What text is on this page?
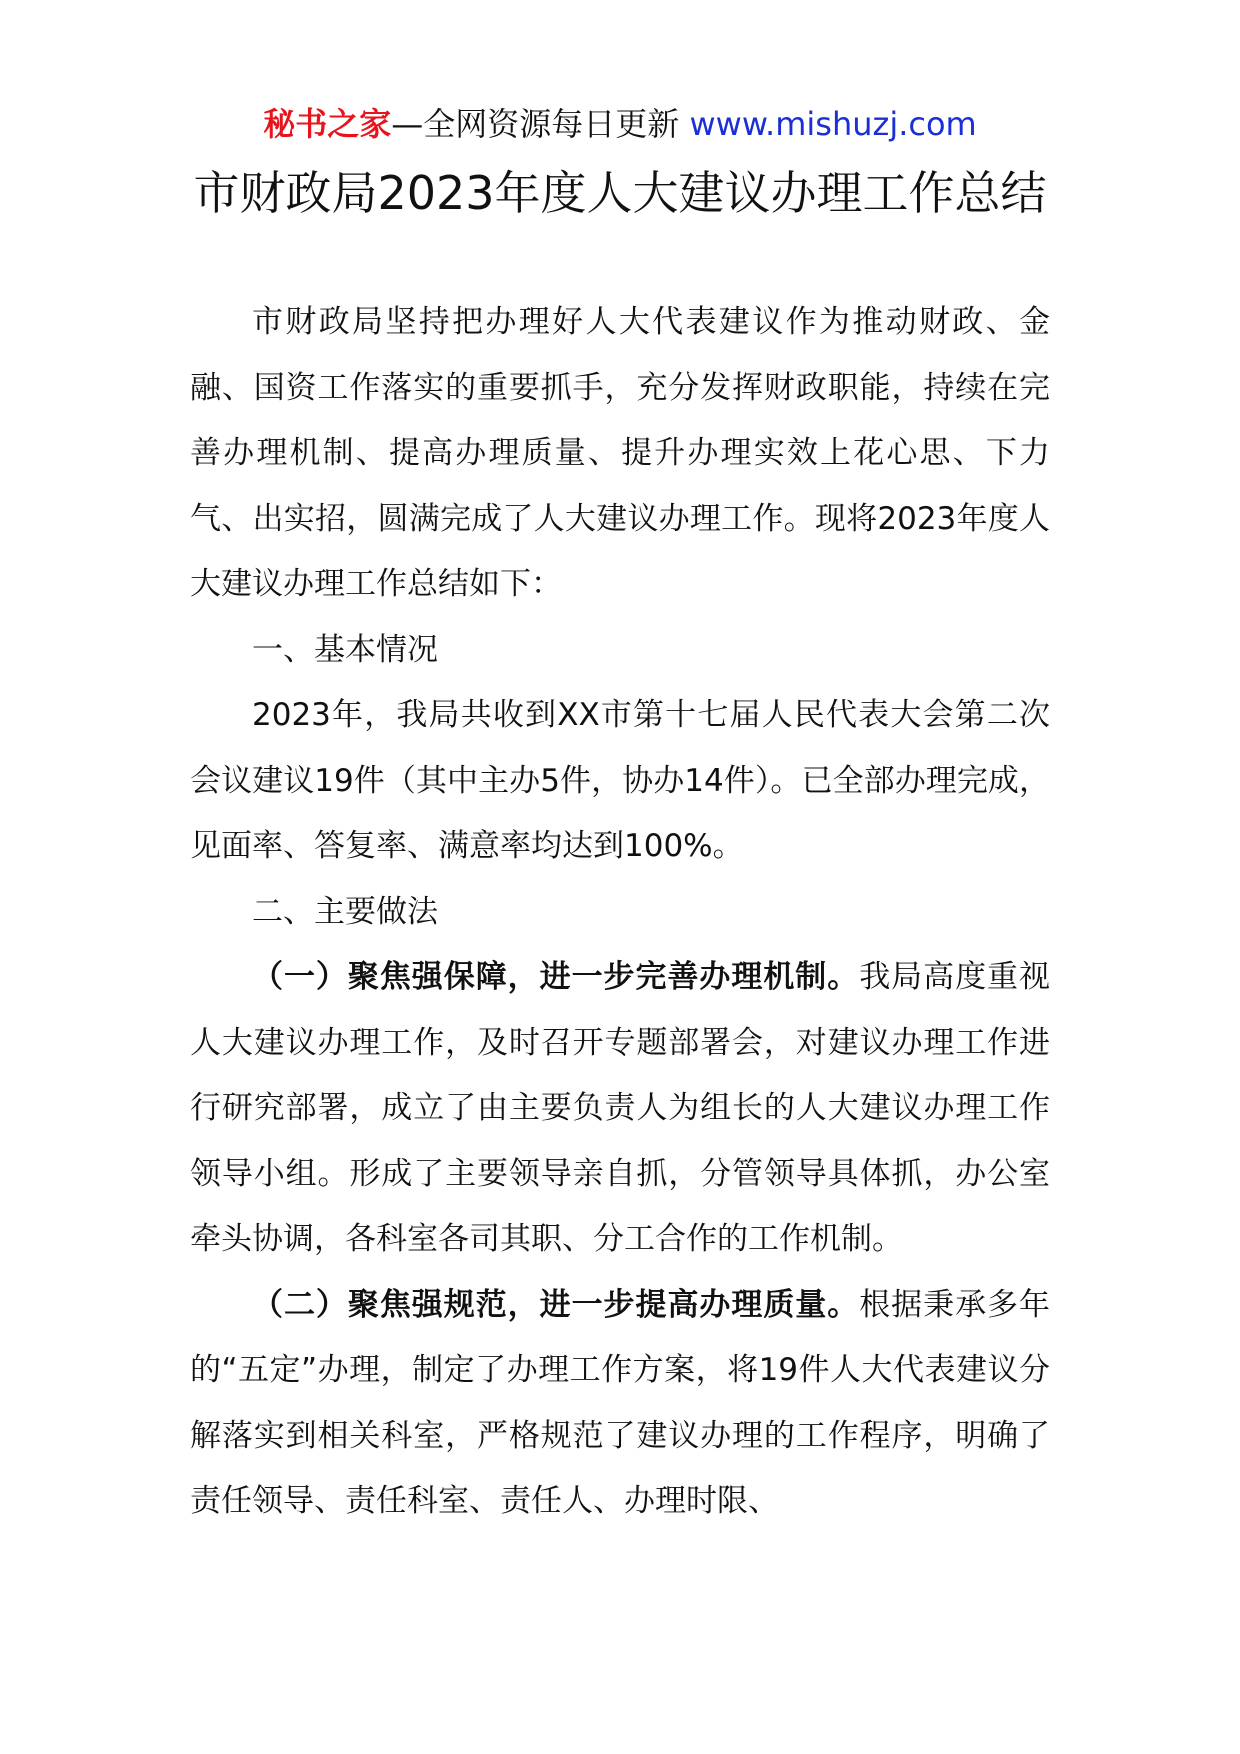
秘书之家—全网资源每日更新 www.mishuzj.com
市财政局2023年度人大建议办理工作总结

市财政局坚持把办理好人大代表建议作为推动财政、金融、国资工作落实的重要抓手，充分发挥财政职能，持续在完善办理机制、提高办理质量、提升办理实效上花心思、下力气、出实招，圆满完成了人大建议办理工作。现将2023年度人大建议办理工作总结如下：

一、基本情况

2023年，我局共收到XX市第十七届人民代表大会第二次会议建议19件（其中主办5件，协办14件）。已全部办理完成，见面率、答复率、满意率均达到100%。

二、主要做法

（一）聚焦强保障，进一步完善办理机制。我局高度重视人大建议办理工作，及时召开专题部署会，对建议办理工作进行研究部署，成立了由主要负责人为组长的人大建议办理工作领导小组。形成了主要领导亲自抓，分管领导具体抓，办公室牵头协调，各科室各司其职、分工合作的工作机制。

（二）聚焦强规范，进一步提高办理质量。根据秉承多年的“五定”办理，制定了办理工作方案，将19件人大代表建议分解落实到相关科室，严格规范了建议办理的工作程序，明确了责任领导、责任科室、责任人、办理时限、
